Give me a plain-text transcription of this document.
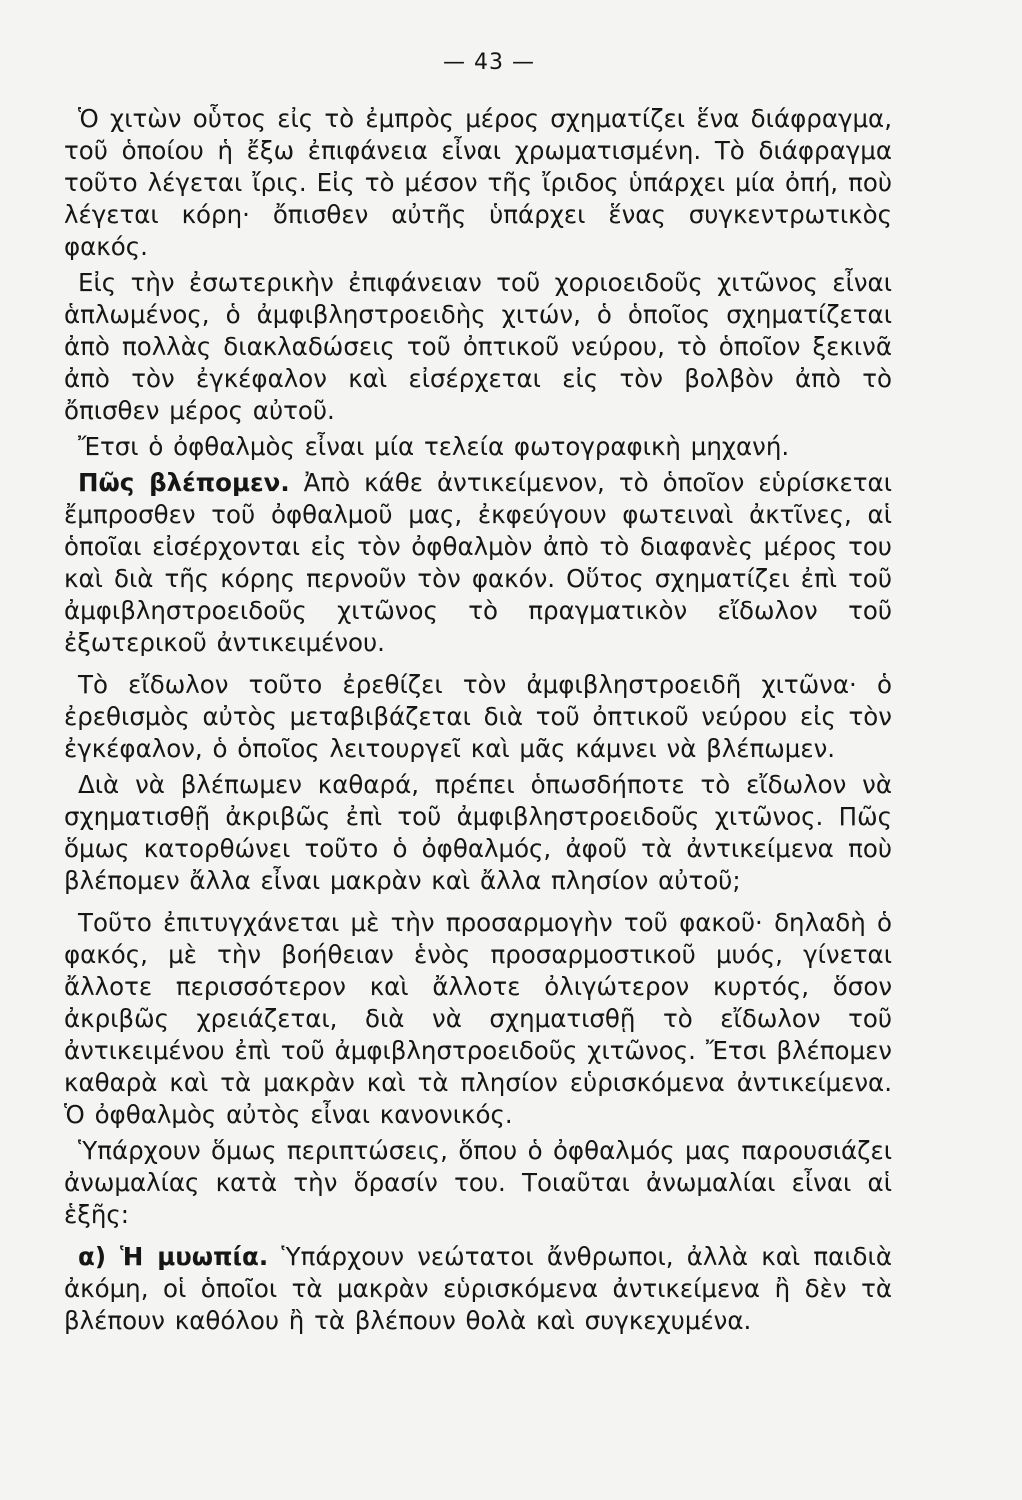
— 43 —

Ὁ χιτὼν οὗτος εἰς τὸ ἐμπρὸς μέρος σχηματίζει ἕνα διάφραγμα, τοῦ ὁποίου ἡ ἔξω ἐπιφάνεια εἶναι χρωματισμένη. Τὸ διάφραγμα τοῦτο λέγεται ἴρις. Εἰς τὸ μέσον τῆς ἴριδος ὑπάρχει μία ὀπή, ποὺ λέγεται κόρη· ὄπισθεν αὐτῆς ὑπάρχει ἕνας συγκεντρωτικὸς φακός.

Εἰς τὴν ἐσωτερικὴν ἐπιφάνειαν τοῦ χοριοειδοῦς χιτῶνος εἶναι ἁπλωμένος, ὁ ἀμφιβληστροειδὴς χιτών, ὁ ὁποῖος σχηματίζεται ἀπὸ πολλὰς διακλαδώσεις τοῦ ὀπτικοῦ νεύρου, τὸ ὁποῖον ξεκινᾶ ἀπὸ τὸν ἐγκέφαλον καὶ εἰσέρχεται εἰς τὸν βολβὸν ἀπὸ τὸ ὄπισθεν μέρος αὐτοῦ.

Ἔτσι ὁ ὀφθαλμὸς εἶναι μία τελεία φωτογραφικὴ μηχανή.

Πῶς βλέπομεν. Ἀπὸ κάθε ἀντικείμενον, τὸ ὁποῖον εὑρίσκεται ἔμπροσθεν τοῦ ὀφθαλμοῦ μας, ἐκφεύγουν φωτειναὶ ἀκτῖνες, αἱ ὁποῖαι εἰσέρχονται εἰς τὸν ὀφθαλμὸν ἀπὸ τὸ διαφανὲς μέρος του καὶ διὰ τῆς κόρης περνοῦν τὸν φακόν. Οὕτος σχηματίζει ἐπὶ τοῦ ἀμφιβληστροειδοῦς χιτῶνος τὸ πραγματικὸν εἴδωλον τοῦ ἐξωτερικοῦ ἀντικειμένου.

Τὸ εἴδωλον τοῦτο ἐρεθίζει τὸν ἀμφιβληστροειδῆ χιτῶνα· ὁ ἐρεθισμὸς αὐτὸς μεταβιβάζεται διὰ τοῦ ὀπτικοῦ νεύρου εἰς τὸν ἐγκέφαλον, ὁ ὁποῖος λειτουργεῖ καὶ μᾶς κάμνει νὰ βλέπωμεν.

Διὰ νὰ βλέπωμεν καθαρά, πρέπει ὁπωσδήποτε τὸ εἴδωλον νὰ σχηματισθῇ ἀκριβῶς ἐπὶ τοῦ ἀμφιβληστροειδοῦς χιτῶνος. Πῶς ὅμως κατορθώνει τοῦτο ὁ ὀφθαλμός, ἀφοῦ τὰ ἀντικείμενα ποὺ βλέπομεν ἄλλα εἶναι μακρὰν καὶ ἄλλα πλησίον αὐτοῦ;

Τοῦτο ἐπιτυγχάνεται μὲ τὴν προσαρμογὴν τοῦ φακοῦ· δηλαδὴ ὁ φακός, μὲ τὴν βοήθειαν ἑνὸς προσαρμοστικοῦ μυός, γίνεται ἄλλοτε περισσότερον καὶ ἄλλοτε ὀλιγώτερον κυρτός, ὅσον ἀκριβῶς χρειάζεται, διὰ νὰ σχηματισθῇ τὸ εἴδωλον τοῦ ἀντικειμένου ἐπὶ τοῦ ἀμφιβληστροειδοῦς χιτῶνος. Ἔτσι βλέπομεν καθαρὰ καὶ τὰ μακρὰν καὶ τὰ πλησίον εὑρισκόμενα ἀντικείμενα. Ὁ ὀφθαλμὸς αὐτὸς εἶναι κανονικός.

Ὑπάρχουν ὅμως περιπτώσεις, ὅπου ὁ ὀφθαλμός μας παρουσιάζει ἀνωμαλίας κατὰ τὴν ὅρασίν του. Τοιαῦται ἀνωμαλίαι εἶναι αἱ ἑξῆς:

α) Ἡ μυωπία. Ὑπάρχουν νεώτατοι ἄνθρωποι, ἀλλὰ καὶ παιδιὰ ἀκόμη, οἱ ὁποῖοι τὰ μακρὰν εὑρισκόμενα ἀντικείμενα ἢ δὲν τὰ βλέπουν καθόλου ἢ τὰ βλέπουν θολὰ καὶ συγκεχυμένα.
